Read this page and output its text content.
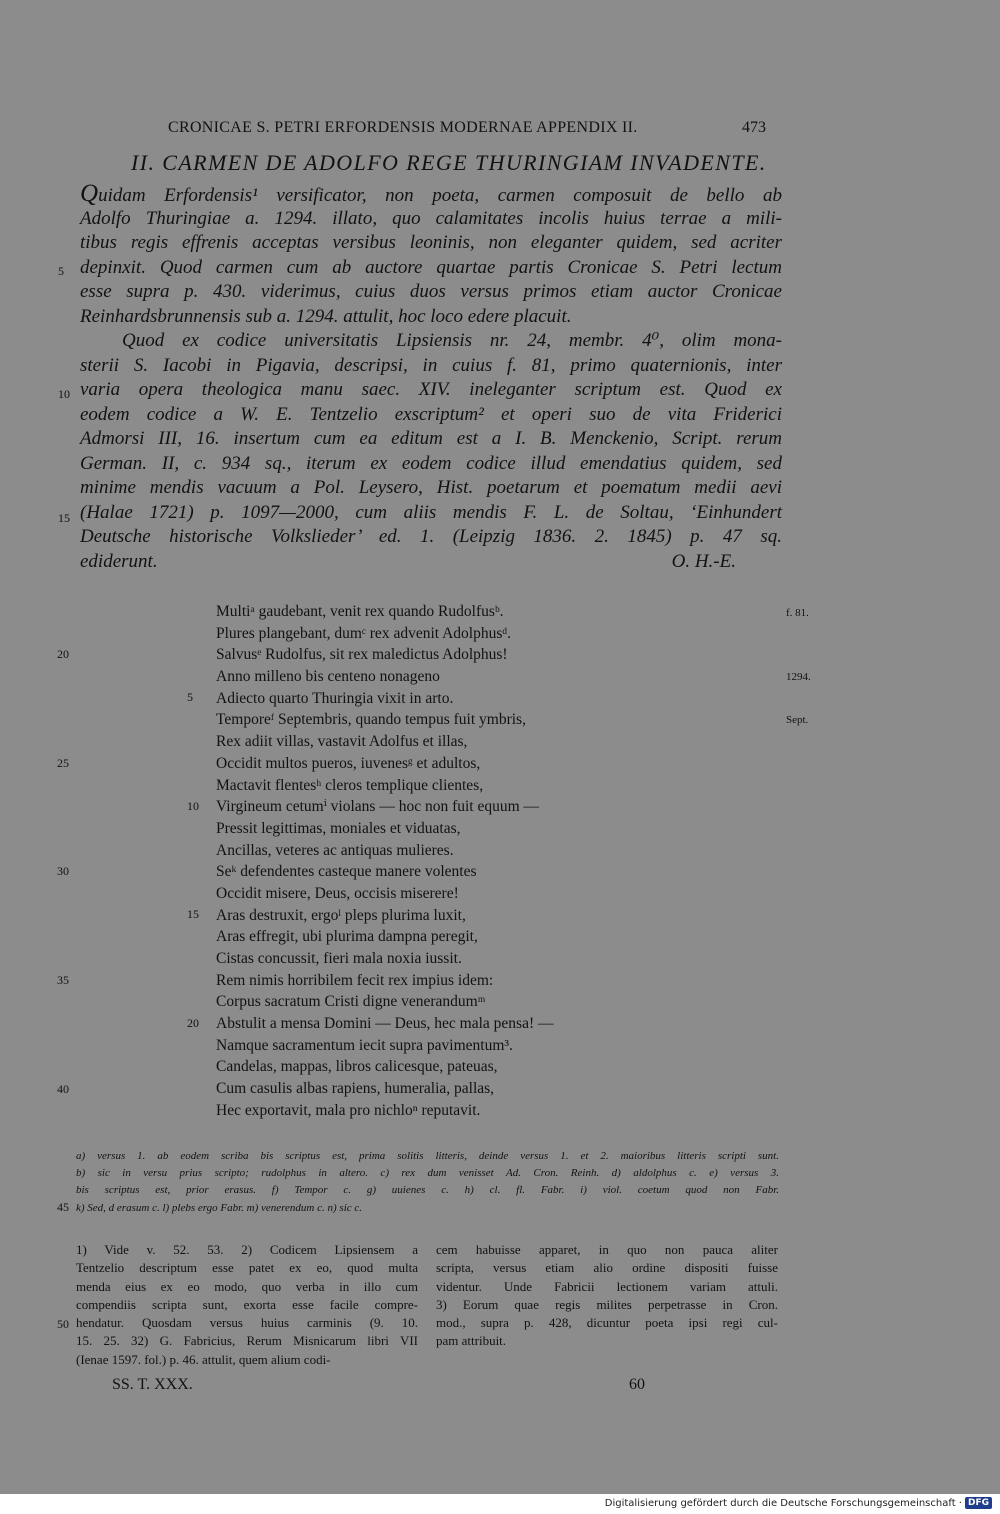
CRONICAE S. PETRI ERFORDENSIS MODERNAE APPENDIX II.	473
II. CARMEN DE ADOLFO REGE THURINGIAM INVADENTE.
Quidam Erfordensis¹ versificator, non poeta, carmen composuit de bello ab
Adolfo Thuringiae a. 1294. illato, quo calamitates incolis huius terrae a mili-
tibus regis effrenis acceptas versibus leoninis, non eleganter quidem, sed acriter
depinxit. Quod carmen cum ab auctore quartae partis Cronicae S. Petri lectum
esse supra p. 430. viderimus, cuius duos versus primos etiam auctor Cronicae
Reinhardsbrunnensis sub a. 1294. attulit, hoc loco edere placuit.
Quod ex codice universitatis Lipsiensis nr. 24, membr. 4⁰, olim mona-
sterii S. Iacobi in Pigavia, descripsi, in cuius f. 81, primo quaternionis, inter
varia opera theologica manu saec. XIV. ineleganter scriptum est. Quod ex
eodem codice a W. E. Tentzelio exscriptum² et operi suo de vita Friderici
Admorsi III, 16. insertum cum ea editum est a I. B. Menckenio, Script. rerum
German. II, c. 934 sq., iterum ex eodem codice illud emendatius quidem, sed
minime mendis vacuum a Pol. Leysero, Hist. poetarum et poematum medii aevi
(Halae 1721) p. 1097—2000, cum aliis mendis F. L. de Soltau, ‘Einhundert
Deutsche historische Volkslieder’ ed. 1. (Leipzig 1836. 2. 1845) p. 47 sq.
ediderunt.	O. H.-E.
5
10
15
Multiᵃ gaudebant, venit rex quando Rudolfusᵇ.
Plures plangebant, dumᶜ rex advenit Adolphusᵈ.
Salvusᵉ Rudolfus, sit rex maledictus Adolphus!
Anno milleno bis centeno nonageno
Adiecto quarto Thuringia vixit in arto.
Temporeᶠ Septembris, quando tempus fuit ymbris,
Rex adiit villas, vastavit Adolfus et illas,
Occidit multos pueros, iuvenesᵍ et adultos,
Mactavit flentesʰ cleros templique clientes,
Virgineum cetumⁱ violans — hoc non fuit equum —
Pressit legittimas, moniales et viduatas,
Ancillas, veteres ac antiquas mulieres.
Seᵏ defendentes casteque manere volentes
Occidit misere, Deus, occisis miserere!
Aras destruxit, ergoˡ pleps plurima luxit,
Aras effregit, ubi plurima dampna peregit,
Cistas concussit, fieri mala noxia iussit.
Rem nimis horribilem fecit rex impius idem:
Corpus sacratum Cristi digne venerandumᵐ
Abstulit a mensa Domini — Deus, hec mala pensa! —
Namque sacramentum iecit supra pavimentum³.
Candelas, mappas, libros calicesque, pateuas,
Cum casulis albas rapiens, humeralia, pallas,
Hec exportavit, mala pro nichloⁿ reputavit.
5
10
15
20
20
25
30
35
40
f. 81.
1294.
Sept.
a) versus 1. ab eodem scriba bis scriptus est, prima solitis litteris, deinde versus 1. et 2. maioribus litteris scripti sunt.
b) sic in versu prius scripto; rudolphus in altero. c) rex dum venisset Ad. Cron. Reinh. d) aldolphus c. e) versus 3.
bis scriptus est, prior erasus. f) Tempor c. g) uuienes c. h) cl. fl. Fabr. i) viol. coetum quod non Fabr.
k) Sed, d erasum c. l) plebs ergo Fabr. m) venerendum c. n) sic c.
45
1) Vide v. 52. 53. 2) Codicem Lipsiensem a
Tentzelio descriptum esse patet ex eo, quod multa
menda eius ex eo modo, quo verba in illo cum
compendiis scripta sunt, exorta esse facile compre-
hendatur. Quosdam versus huius carminis (9. 10.
15. 25. 32) G. Fabricius, Rerum Misnicarum libri VII
(Ienae 1597. fol.) p. 46. attulit, quem alium codi-
cem habuisse apparet, in quo non pauca aliter
scripta, versus etiam alio ordine dispositi fuisse
videntur. Unde Fabricii lectionem variam attuli.
3) Eorum quae regis milites perpetrasse in Cron.
mod., supra p. 428, dicuntur poeta ipsi regi cul-
pam attribuit.
50
SS. T. XXX.	60
Digitalisierung gefördert durch die Deutsche Forschungsgemeinschaft · DFG
